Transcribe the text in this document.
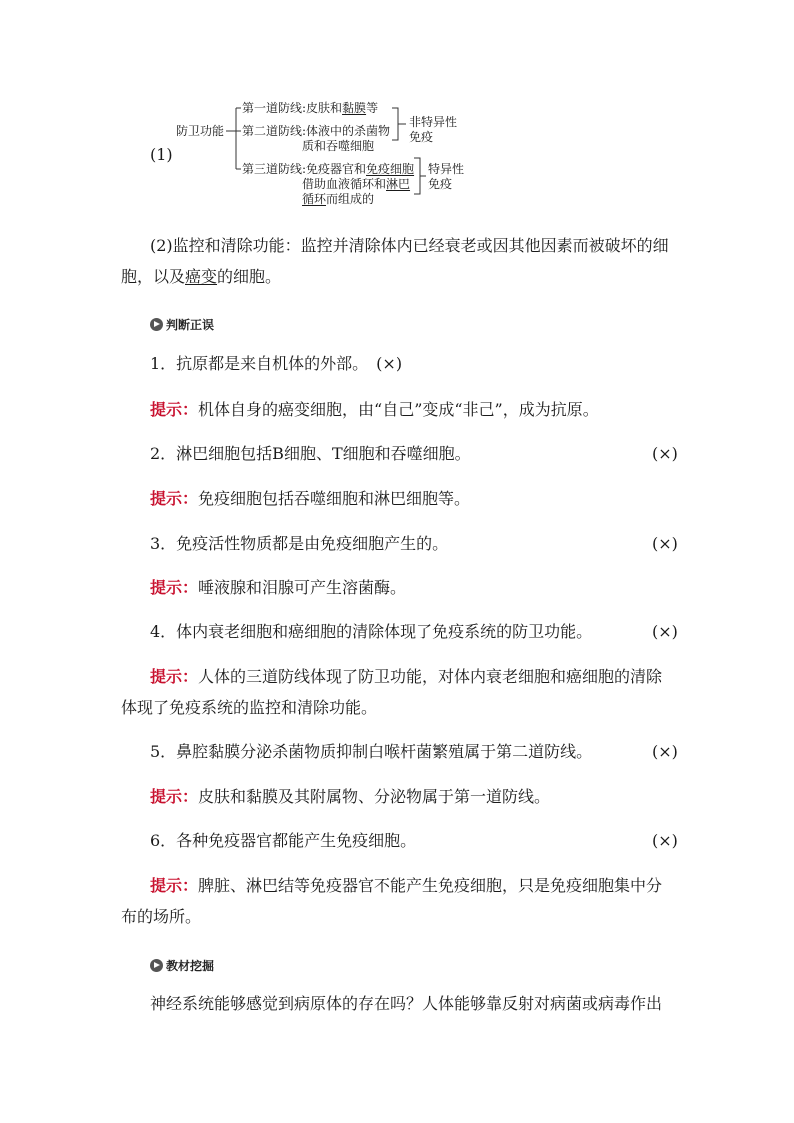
(1)
防卫功能
第一道防线:皮肤和黏膜等
第二道防线:体液中的杀菌物
质和吞噬细胞
第三道防线:免疫器官和免疫细胞
借助血液循环和淋巴
循环而组成的
非特异性
免疫
特异性
免疫
(2)监控和清除功能：监控并清除体内已经衰老或因其他因素而被破坏的细
胞，以及癌变的细胞。
判断正误
1．抗原都是来自机体的外部。　(×)
提示：机体自身的癌变细胞，由“自己”变成“非己”，成为抗原。
2．淋巴细胞包括B细胞、T细胞和吞噬细胞。	(×)
提示：免疫细胞包括吞噬细胞和淋巴细胞等。
3．免疫活性物质都是由免疫细胞产生的。	(×)
提示：唾液腺和泪腺可产生溶菌酶。
4．体内衰老细胞和癌细胞的清除体现了免疫系统的防卫功能。	(×)
提示：人体的三道防线体现了防卫功能，对体内衰老细胞和癌细胞的清除
体现了免疫系统的监控和清除功能。
5．鼻腔黏膜分泌杀菌物质抑制白喉杆菌繁殖属于第二道防线。	(×)
提示：皮肤和黏膜及其附属物、分泌物属于第一道防线。
6．各种免疫器官都能产生免疫细胞。	(×)
提示：脾脏、淋巴结等免疫器官不能产生免疫细胞，只是免疫细胞集中分
布的场所。
教材挖掘
神经系统能够感觉到病原体的存在吗？人体能够靠反射对病菌或病毒作出
